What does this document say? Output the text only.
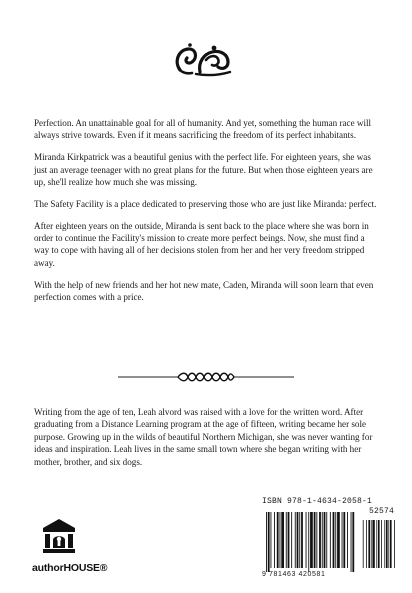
Perfection. An unattainable goal for all of humanity. And yet, something the human race will always strive towards. Even if it means sacrificing the freedom of its perfect inhabitants.

Miranda Kirkpatrick was a beautiful genius with the perfect life. For eighteen years, she was just an average teenager with no great plans for the future. But when those eighteen years are up, she'll realize how much she was missing.

The Safety Facility is a place dedicated to preserving those who are just like Miranda: perfect.

After eighteen years on the outside, Miranda is sent back to the place where she was born in order to continue the Facility's mission to create more perfect beings. Now, she must find a way to cope with having all of her decisions stolen from her and her very freedom stripped away.

With the help of new friends and her hot new mate, Caden, Miranda will soon learn that even perfection comes with a price.

Writing from the age of ten, Leah alvord was raised with a love for the written word. After graduating from a Distance Learning program at the age of fifteen, writing became her sole purpose. Growing up in the wilds of beautiful Northern Michigan, she was never wanting for ideas and inspiration. Leah lives in the same small town where she began writing with her mother, brother, and six dogs.

authorHOUSE®
ISBN 978-1-4634-2058-1
52574
9 781463 420581
